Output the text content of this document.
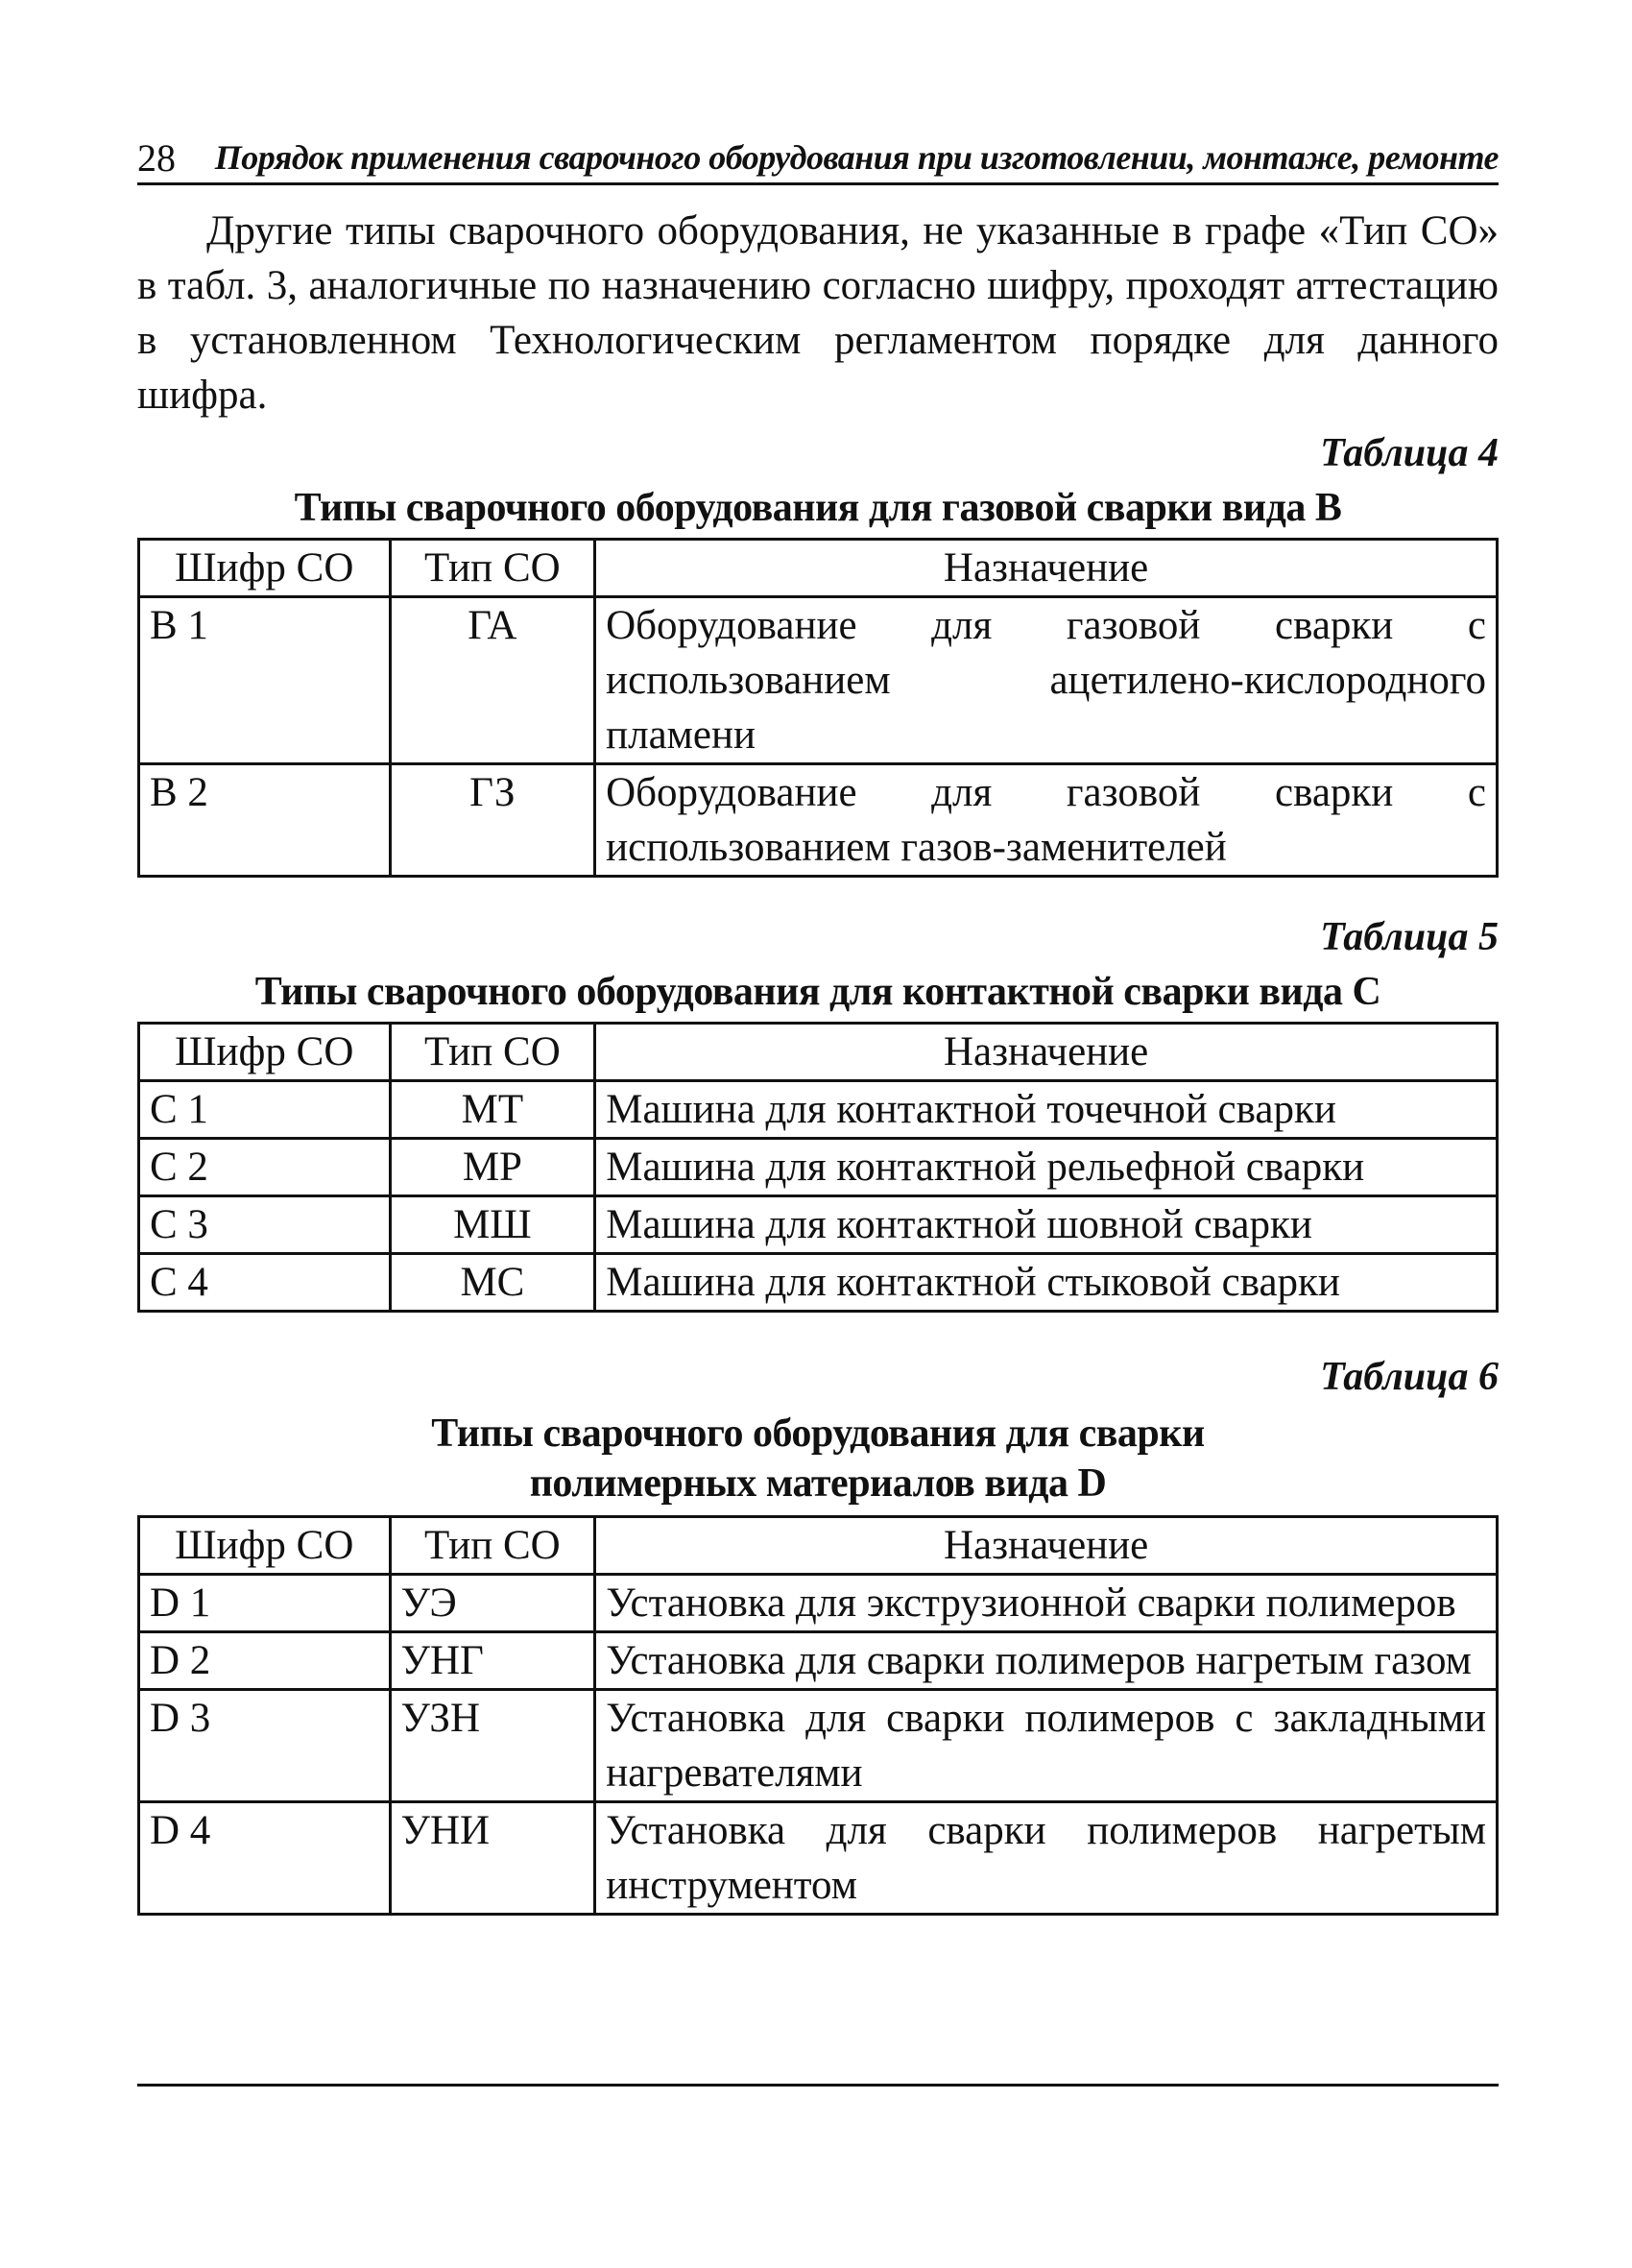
28 Порядок применения сварочного оборудования при изготовлении, монтаже, ремонте

Другие типы сварочного оборудования, не указанные в графе «Тип СО» в табл. 3, аналогичные по назначению согласно шифру, проходят аттестацию в установленном Технологическим регламентом порядке для данного шифра.

Таблица 4
Типы сварочного оборудования для газовой сварки вида B
Шифр СО	Тип СО	Назначение
B 1	ГА	Оборудование для газовой сварки с использованием ацетилено-кислородного пламени
B 2	ГЗ	Оборудование для газовой сварки с использованием газов-заменителей
Таблица 5
Типы сварочного оборудования для контактной сварки вида C
Шифр СО	Тип СО	Назначение
C 1	МТ	Машина для контактной точечной сварки
C 2	МР	Машина для контактной рельефной сварки
C 3	МШ	Машина для контактной шовной сварки
C 4	МС	Машина для контактной стыковой сварки
Таблица 6
Типы сварочного оборудования для сварки
полимерных материалов вида D
Шифр СО	Тип СО	Назначение
D 1	УЭ	Установка для экструзионной сварки полимеров
D 2	УНГ	Установка для сварки полимеров нагретым газом
D 3	УЗН	Установка для сварки полимеров с закладными нагревателями
D 4	УНИ	Установка для сварки полимеров нагретым инструментом
